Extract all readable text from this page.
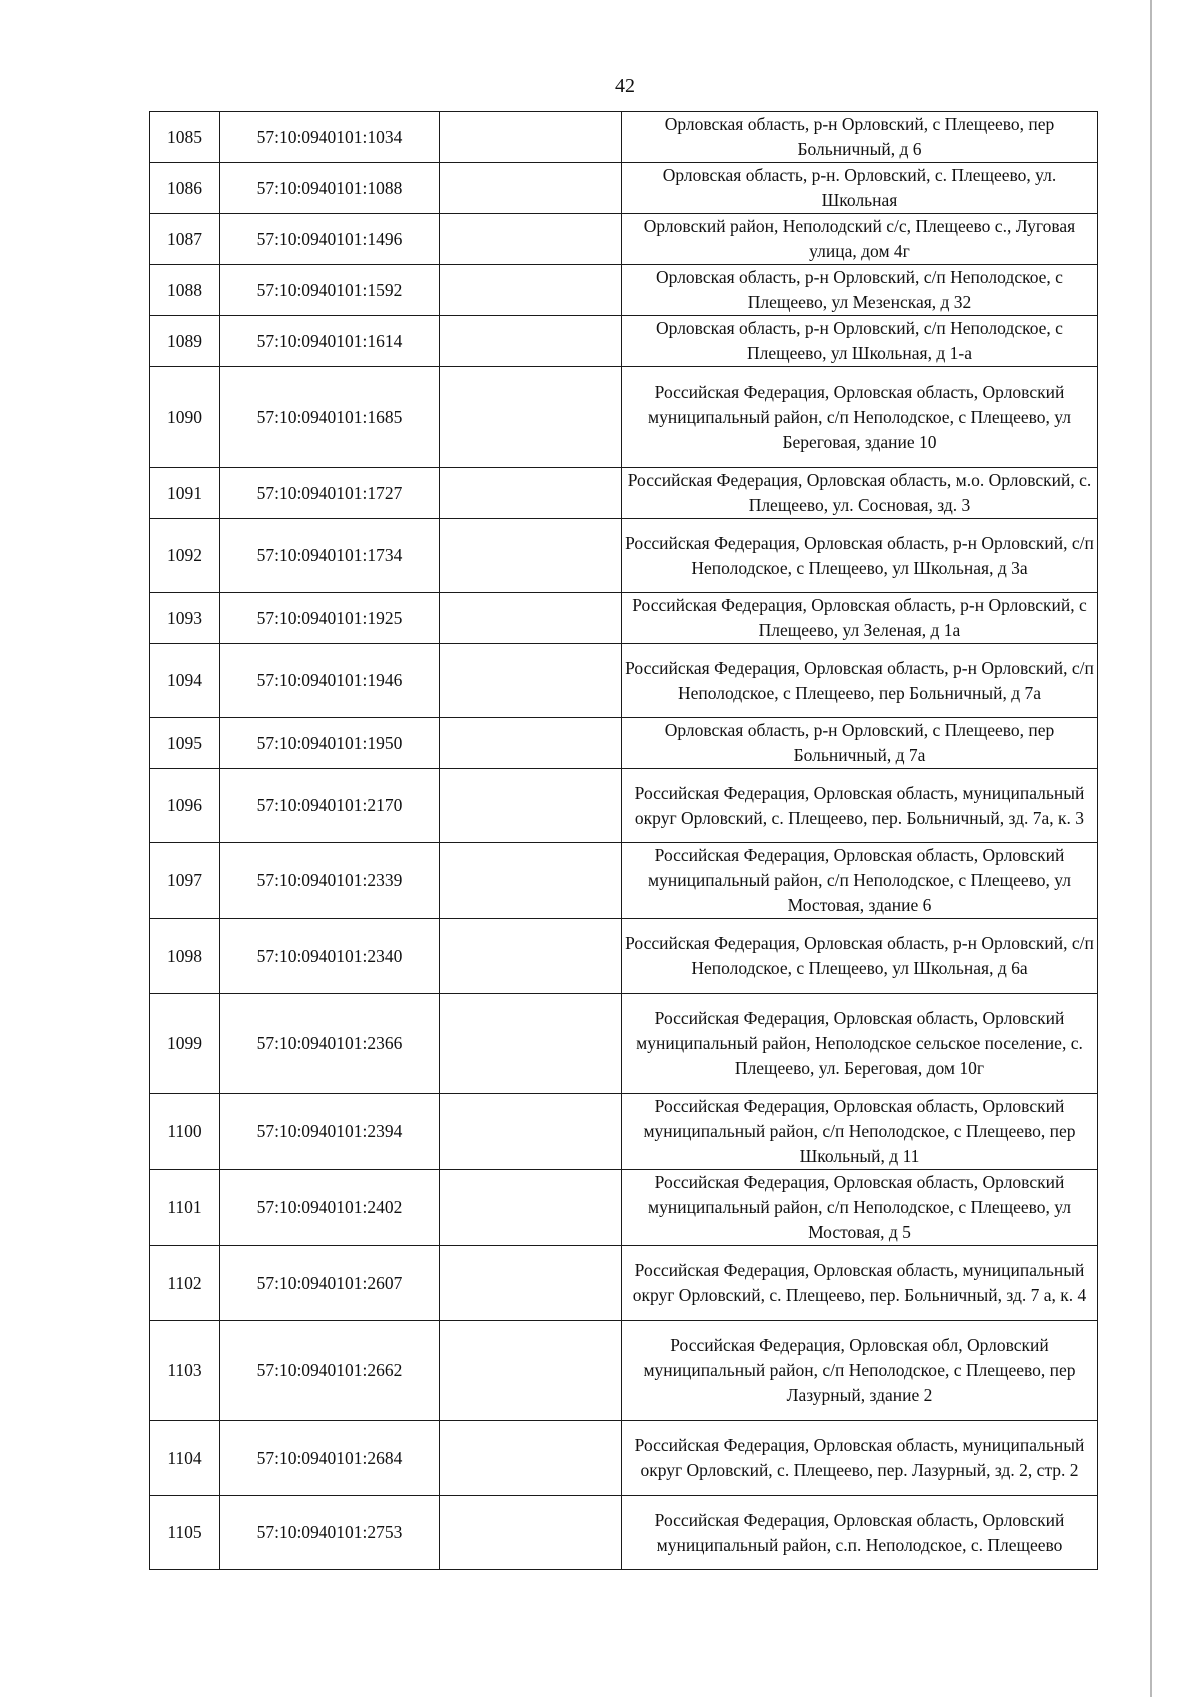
42
1085	57:10:0940101:1034		Орловская область, р-н Орловский, с Плещеево, пер Больничный, д 6
1086	57:10:0940101:1088		Орловская область, р-н. Орловский, с. Плещеево, ул. Школьная
1087	57:10:0940101:1496		Орловский район, Неполодский с/с, Плещеево с., Луговая улица, дом 4г
1088	57:10:0940101:1592		Орловская область, р-н Орловский, с/п Неполодское, с Плещеево, ул Мезенская, д 32
1089	57:10:0940101:1614		Орловская область, р-н Орловский, с/п Неполодское, с Плещеево, ул Школьная, д 1-а
1090	57:10:0940101:1685		Российская Федерация, Орловская область, Орловский муниципальный район, с/п Неполодское, с Плещеево, ул Береговая, здание 10
1091	57:10:0940101:1727		Российская Федерация, Орловская область, м.о. Орловский, с. Плещеево, ул. Сосновая, зд. 3
1092	57:10:0940101:1734		Российская Федерация, Орловская область, р-н Орловский, с/п Неполодское, с Плещеево, ул Школьная, д 3а
1093	57:10:0940101:1925		Российская Федерация, Орловская область, р-н Орловский, с Плещеево, ул Зеленая, д 1а
1094	57:10:0940101:1946		Российская Федерация, Орловская область, р-н Орловский, с/п Неполодское, с Плещеево, пер Больничный, д 7а
1095	57:10:0940101:1950		Орловская область, р-н Орловский, с Плещеево, пер Больничный, д 7а
1096	57:10:0940101:2170		Российская Федерация, Орловская область, муниципальный округ Орловский, с. Плещеево, пер. Больничный, зд. 7а, к. 3
1097	57:10:0940101:2339		Российская Федерация, Орловская область, Орловский муниципальный район, с/п Неполодское, с Плещеево, ул Мостовая, здание 6
1098	57:10:0940101:2340		Российская Федерация, Орловская область, р-н Орловский, с/п Неполодское, с Плещеево, ул Школьная, д 6а
1099	57:10:0940101:2366		Российская Федерация, Орловская область, Орловский муниципальный район, Неполодское сельское поселение, с. Плещеево, ул. Береговая, дом 10г
1100	57:10:0940101:2394		Российская Федерация, Орловская область, Орловский муниципальный район, с/п Неполодское, с Плещеево, пер Школьный, д 11
1101	57:10:0940101:2402		Российская Федерация, Орловская область, Орловский муниципальный район, с/п Неполодское, с Плещеево, ул Мостовая, д 5
1102	57:10:0940101:2607		Российская Федерация, Орловская область, муниципальный округ Орловский, с. Плещеево, пер. Больничный, зд. 7 а, к. 4
1103	57:10:0940101:2662		Российская Федерация, Орловская обл, Орловский муниципальный район, с/п Неполодское, с Плещеево, пер Лазурный, здание 2
1104	57:10:0940101:2684		Российская Федерация, Орловская область, муниципальный округ Орловский, с. Плещеево, пер. Лазурный, зд. 2, стр. 2
1105	57:10:0940101:2753		Российская Федерация, Орловская область, Орловский муниципальный район, с.п. Неполодское, с. Плещеево
